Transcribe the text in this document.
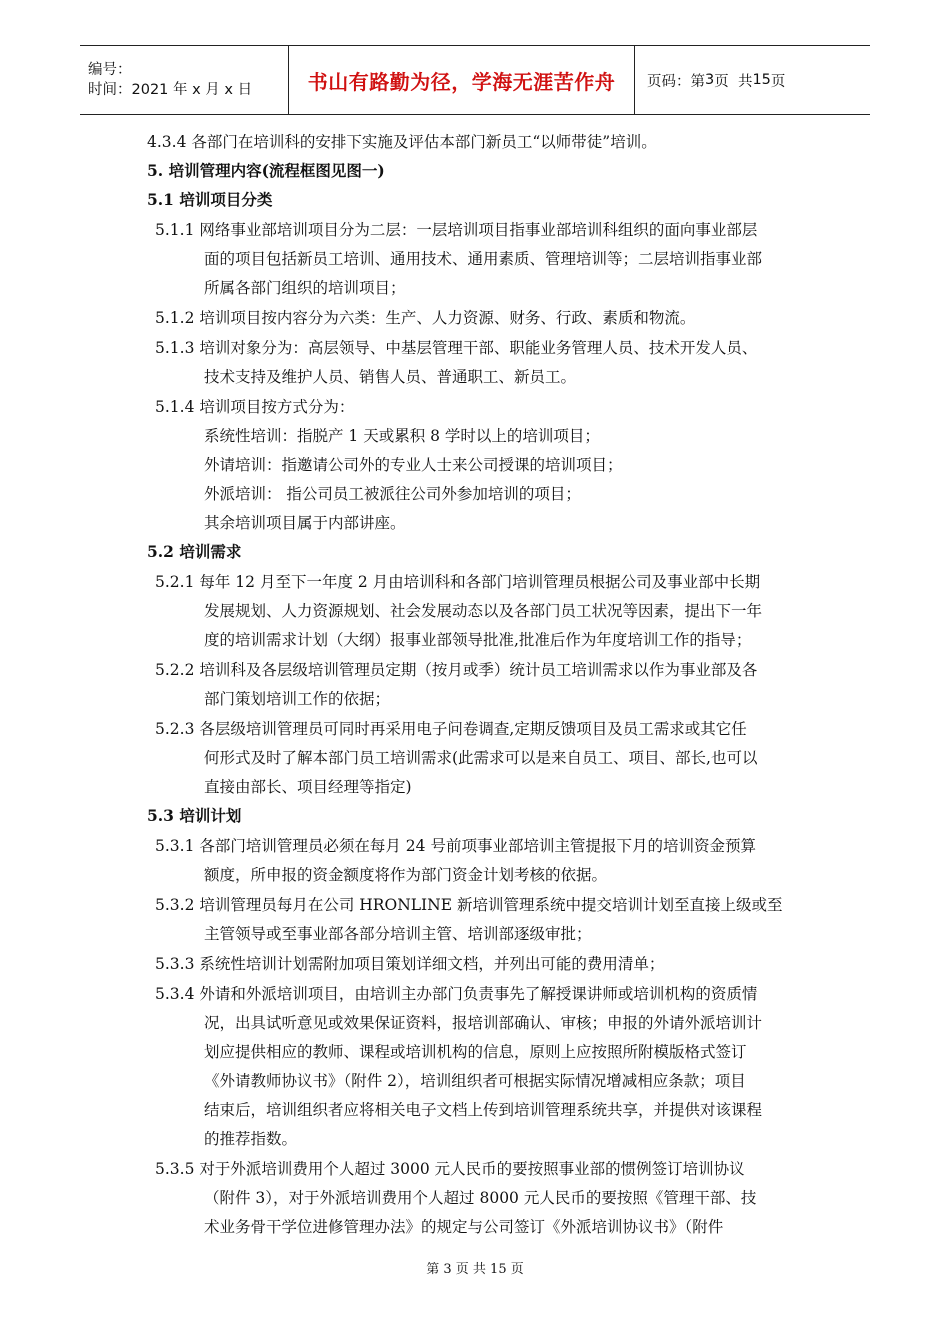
编号：
时间：2021 年 x 月 x 日	书山有路勤为径，学海无涯苦作舟	页码：第 3 页  共 15 页
4.3.4 各部门在培训科的安排下实施及评估本部门新员工“以师带徒”培训。
5. 培训管理内容(流程框图见图一)
5.1 培训项目分类
5.1.1 网络事业部培训项目分为二层：一层培训项目指事业部培训科组织的面向事业部层
面的项目包括新员工培训、通用技术、通用素质、管理培训等；二层培训指事业部
所属各部门组织的培训项目；
5.1.2 培训项目按内容分为六类：生产、人力资源、财务、行政、素质和物流。
5.1.3 培训对象分为：高层领导、中基层管理干部、职能业务管理人员、技术开发人员、
技术支持及维护人员、销售人员、普通职工、新员工。
5.1.4 培训项目按方式分为：
系统性培训：指脱产 1 天或累积 8 学时以上的培训项目；
外请培训：指邀请公司外的专业人士来公司授课的培训项目；
外派培训： 指公司员工被派往公司外参加培训的项目；
其余培训项目属于内部讲座。
5.2 培训需求
5.2.1 每年 12 月至下一年度 2 月由培训科和各部门培训管理员根据公司及事业部中长期
发展规划、人力资源规划、社会发展动态以及各部门员工状况等因素，提出下一年
度的培训需求计划（大纲）报事业部领导批准,批准后作为年度培训工作的指导；
5.2.2 培训科及各层级培训管理员定期（按月或季）统计员工培训需求以作为事业部及各
部门策划培训工作的依据；
5.2.3 各层级培训管理员可同时再采用电子问卷调查,定期反馈项目及员工需求或其它任
何形式及时了解本部门员工培训需求(此需求可以是来自员工、项目、部长,也可以
直接由部长、项目经理等指定)
5.3 培训计划
5.3.1 各部门培训管理员必须在每月 24 号前项事业部培训主管提报下月的培训资金预算
额度，所申报的资金额度将作为部门资金计划考核的依据。
5.3.2 培训管理员每月在公司 HRONLINE 新培训管理系统中提交培训计划至直接上级或至
主管领导或至事业部各部分培训主管、培训部逐级审批；
5.3.3 系统性培训计划需附加项目策划详细文档，并列出可能的费用清单；
5.3.4 外请和外派培训项目，由培训主办部门负责事先了解授课讲师或培训机构的资质情
况，出具试听意见或效果保证资料，报培训部确认、审核；申报的外请外派培训计
划应提供相应的教师、课程或培训机构的信息，原则上应按照所附模版格式签订
《外请教师协议书》（附件 2），培训组织者可根据实际情况增减相应条款；项目
结束后，培训组织者应将相关电子文档上传到培训管理系统共享，并提供对该课程
的推荐指数。
5.3.5 对于外派培训费用个人超过 3000 元人民币的要按照事业部的惯例签订培训协议
（附件 3），对于外派培训费用个人超过 8000 元人民币的要按照《管理干部、技
术业务骨干学位进修管理办法》的规定与公司签订《外派培训协议书》（附件
第 3 页 共 15 页
